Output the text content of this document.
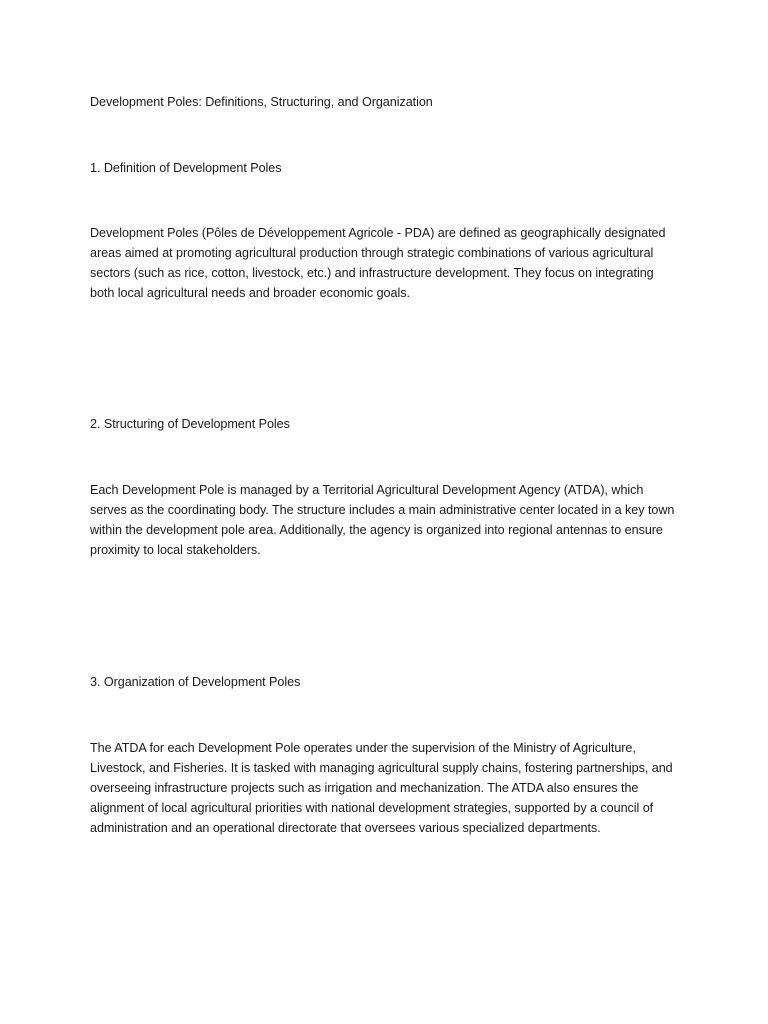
Development Poles: Definitions, Structuring, and Organization

1. Definition of Development Poles

Development Poles (Pôles de Développement Agricole - PDA) are defined as geographically designated areas aimed at promoting agricultural production through strategic combinations of various agricultural sectors (such as rice, cotton, livestock, etc.) and infrastructure development. They focus on integrating both local agricultural needs and broader economic goals.

2. Structuring of Development Poles

Each Development Pole is managed by a Territorial Agricultural Development Agency (ATDA), which serves as the coordinating body. The structure includes a main administrative center located in a key town within the development pole area. Additionally, the agency is organized into regional antennas to ensure proximity to local stakeholders.

3. Organization of Development Poles

The ATDA for each Development Pole operates under the supervision of the Ministry of Agriculture, Livestock, and Fisheries. It is tasked with managing agricultural supply chains, fostering partnerships, and overseeing infrastructure projects such as irrigation and mechanization. The ATDA also ensures the alignment of local agricultural priorities with national development strategies, supported by a council of administration and an operational directorate that oversees various specialized departments.
